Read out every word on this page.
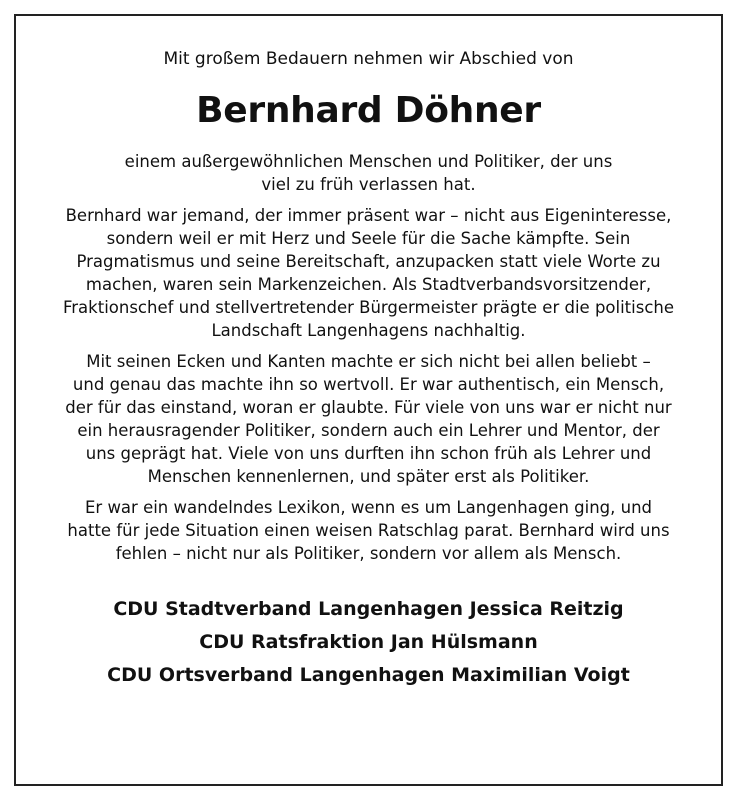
Mit großem Bedauern nehmen wir Abschied von

Bernhard Döhner

einem außergewöhnlichen Menschen und Politiker, der uns
viel zu früh verlassen hat.

Bernhard war jemand, der immer präsent war – nicht aus Eigeninteresse,
sondern weil er mit Herz und Seele für die Sache kämpfte. Sein
Pragmatismus und seine Bereitschaft, anzupacken statt viele Worte zu
machen, waren sein Markenzeichen. Als Stadtverbandsvorsitzender,
Fraktionschef und stellvertretender Bürgermeister prägte er die politische
Landschaft Langenhagens nachhaltig.

Mit seinen Ecken und Kanten machte er sich nicht bei allen beliebt –
und genau das machte ihn so wertvoll. Er war authentisch, ein Mensch,
der für das einstand, woran er glaubte. Für viele von uns war er nicht nur
ein herausragender Politiker, sondern auch ein Lehrer und Mentor, der
uns geprägt hat. Viele von uns durften ihn schon früh als Lehrer und
Menschen kennenlernen, und später erst als Politiker.

Er war ein wandelndes Lexikon, wenn es um Langenhagen ging, und
hatte für jede Situation einen weisen Ratschlag parat. Bernhard wird uns
fehlen – nicht nur als Politiker, sondern vor allem als Mensch.

CDU Stadtverband Langenhagen Jessica Reitzig
CDU Ratsfraktion Jan Hülsmann
CDU Ortsverband Langenhagen Maximilian Voigt
